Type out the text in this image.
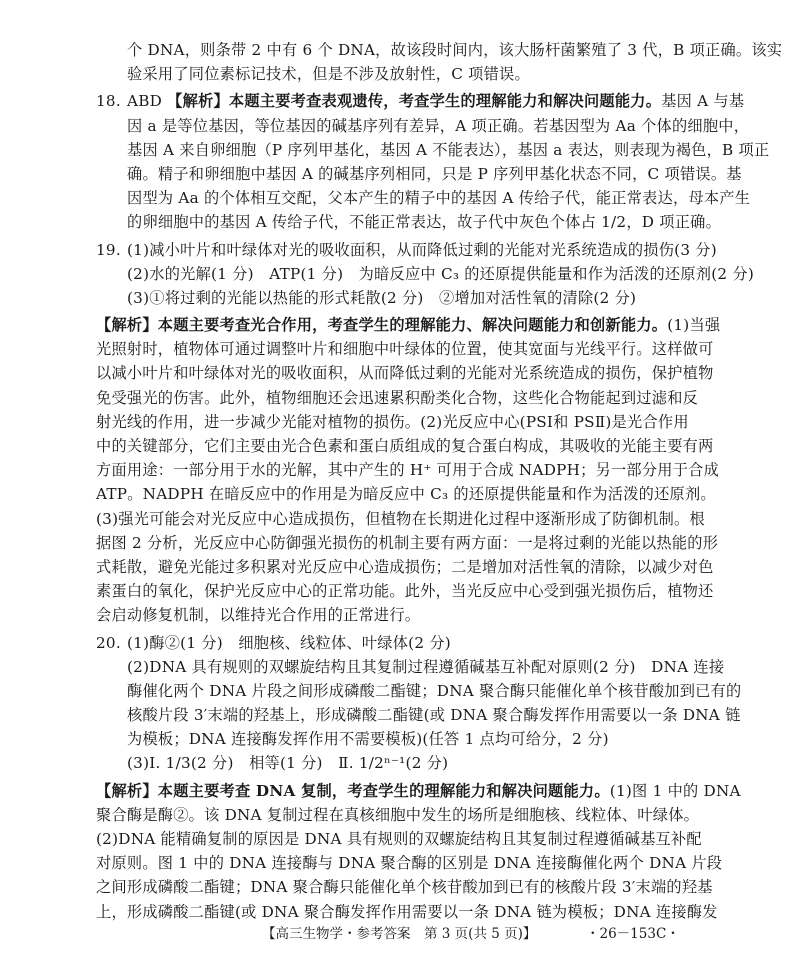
个 DNA，则条带 2 中有 6 个 DNA，故该段时间内，该大肠杆菌繁殖了 3 代，B 项正确。该实
验采用了同位素标记技术，但是不涉及放射性，C 项错误。
18. ABD 【解析】本题主要考查表观遗传，考查学生的理解能力和解决问题能力。基因 A 与基
因 a 是等位基因，等位基因的碱基序列有差异，A 项正确。若基因型为 Aa 个体的细胞中，
基因 A 来自卵细胞（P 序列甲基化，基因 A 不能表达），基因 a 表达，则表现为褐色，B 项正
确。精子和卵细胞中基因 A 的碱基序列相同，只是 P 序列甲基化状态不同，C 项错误。基
因型为 Aa 的个体相互交配，父本产生的精子中的基因 A 传给子代，能正常表达，母本产生
的卵细胞中的基因 A 传给子代，不能正常表达，故子代中灰色个体占 1/2，D 项正确。
19. (1)减小叶片和叶绿体对光的吸收面积，从而降低过剩的光能对光系统造成的损伤(3 分)
(2)水的光解(1 分)　ATP(1 分)　为暗反应中 C₃ 的还原提供能量和作为活泼的还原剂(2 分)
(3)①将过剩的光能以热能的形式耗散(2 分)　②增加对活性氧的清除(2 分)
【解析】本题主要考查光合作用，考查学生的理解能力、解决问题能力和创新能力。(1)当强
光照射时，植物体可通过调整叶片和细胞中叶绿体的位置，使其宽面与光线平行。这样做可
以减小叶片和叶绿体对光的吸收面积，从而降低过剩的光能对光系统造成的损伤，保护植物
免受强光的伤害。此外，植物细胞还会迅速累积酚类化合物，这些化合物能起到过滤和反
射光线的作用，进一步减少光能对植物的损伤。(2)光反应中心(PSⅠ和 PSⅡ)是光合作用
中的关键部分，它们主要由光合色素和蛋白质组成的复合蛋白构成，其吸收的光能主要有两
方面用途：一部分用于水的光解，其中产生的 H⁺ 可用于合成 NADPH；另一部分用于合成
ATP。NADPH 在暗反应中的作用是为暗反应中 C₃ 的还原提供能量和作为活泼的还原剂。
(3)强光可能会对光反应中心造成损伤，但植物在长期进化过程中逐渐形成了防御机制。根
据图 2 分析，光反应中心防御强光损伤的机制主要有两方面：一是将过剩的光能以热能的形
式耗散，避免光能过多积累对光反应中心造成损伤；二是增加对活性氧的清除，以减少对色
素蛋白的氧化，保护光反应中心的正常功能。此外，当光反应中心受到强光损伤后，植物还
会启动修复机制，以维持光合作用的正常进行。
20. (1)酶②(1 分)　细胞核、线粒体、叶绿体(2 分)
(2)DNA 具有规则的双螺旋结构且其复制过程遵循碱基互补配对原则(2 分)　DNA 连接
酶催化两个 DNA 片段之间形成磷酸二酯键；DNA 聚合酶只能催化单个核苷酸加到已有的
核酸片段 3′末端的羟基上，形成磷酸二酯键(或 DNA 聚合酶发挥作用需要以一条 DNA 链
为模板；DNA 连接酶发挥作用不需要模板)(任答 1 点均可给分，2 分)
(3)Ⅰ. 1/3(2 分)　相等(1 分)　Ⅱ. 1/2ⁿ⁻¹(2 分)
【解析】本题主要考查 DNA 复制，考查学生的理解能力和解决问题能力。(1)图 1 中的 DNA
聚合酶是酶②。该 DNA 复制过程在真核细胞中发生的场所是细胞核、线粒体、叶绿体。
(2)DNA 能精确复制的原因是 DNA 具有规则的双螺旋结构且其复制过程遵循碱基互补配
对原则。图 1 中的 DNA 连接酶与 DNA 聚合酶的区别是 DNA 连接酶催化两个 DNA 片段
之间形成磷酸二酯键；DNA 聚合酶只能催化单个核苷酸加到已有的核酸片段 3′末端的羟基
上，形成磷酸二酯键(或 DNA 聚合酶发挥作用需要以一条 DNA 链为模板；DNA 连接酶发
【高三生物学・参考答案　第 3 页(共 5 页)】	・26－153C・
